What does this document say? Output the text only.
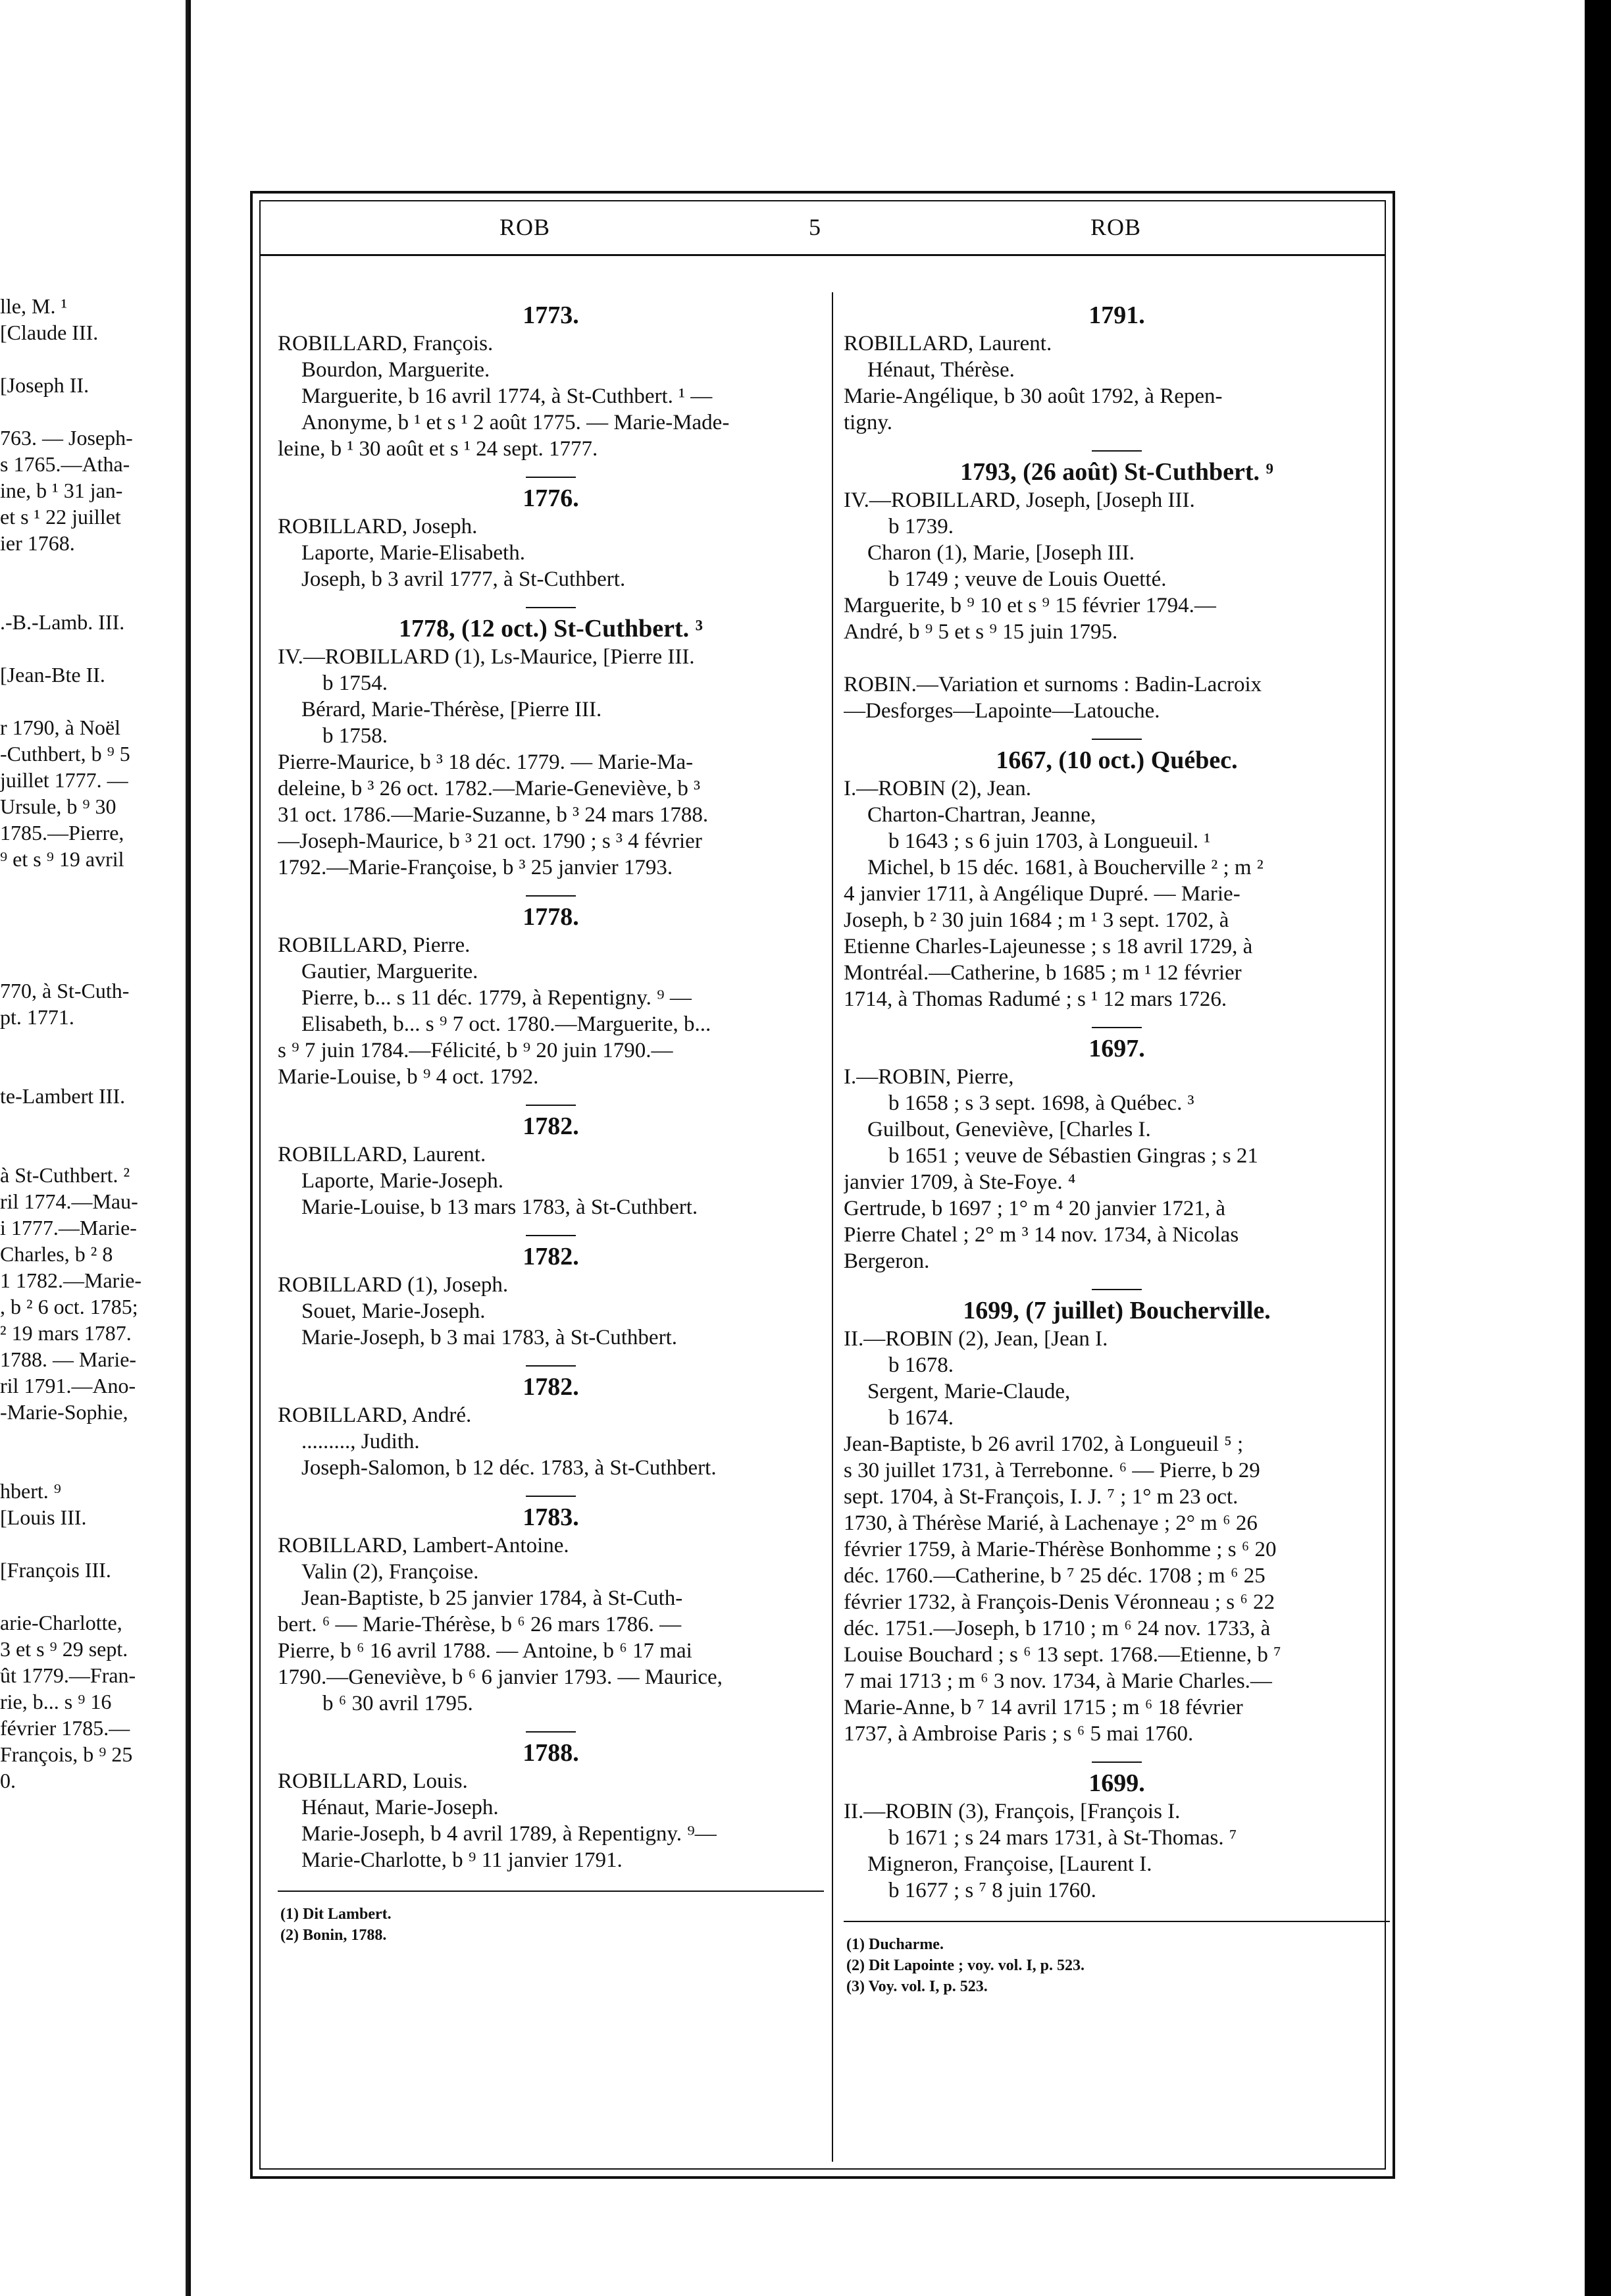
lle, M. ¹
[Claude III.
[Joseph II.
763. — Joseph-
s 1765.—Atha-
ine, b ¹ 31 jan-
et s ¹ 22 juillet
ier 1768.
.-B.-Lamb. III.
[Jean-Bte II.
r 1790, à Noël
-Cuthbert, b ⁹ 5
juillet 1777. —
Ursule, b ⁹ 30
1785.—Pierre,
⁹ et s ⁹ 19 avril
770, à St-Cuth-
pt. 1771.
te-Lambert III.
à St-Cuthbert. ²
ril 1774.—Mau-
i 1777.—Marie-
Charles, b ² 8
1 1782.—Marie-
, b ² 6 oct. 1785;
² 19 mars 1787.
1788. — Marie-
ril 1791.—Ano-
-Marie-Sophie,
hbert. ⁹
[Louis III.
[François III.
arie-Charlotte,
3 et s ⁹ 29 sept.
ût 1779.—Fran-
rie, b... s ⁹ 16
février 1785.—
François, b ⁹ 25
0.
ROB	5	ROB
1773.
ROBILLARD, François.
Bourdon, Marguerite.
Marguerite, b 16 avril 1774, à St-Cuthbert. ¹ —
Anonyme, b ¹ et s ¹ 2 août 1775. — Marie-Made-
leine, b ¹ 30 août et s ¹ 24 sept. 1777.
1776.
ROBILLARD, Joseph.
Laporte, Marie-Elisabeth.
Joseph, b 3 avril 1777, à St-Cuthbert.
1778, (12 oct.) St-Cuthbert. ³
IV.—ROBILLARD (1), Ls-Maurice, [Pierre III.
b 1754.
Bérard, Marie-Thérèse, [Pierre III.
b 1758.
Pierre-Maurice, b ³ 18 déc. 1779. — Marie-Ma-
deleine, b ³ 26 oct. 1782.—Marie-Geneviève, b ³
31 oct. 1786.—Marie-Suzanne, b ³ 24 mars 1788.
—Joseph-Maurice, b ³ 21 oct. 1790 ; s ³ 4 février
1792.—Marie-Françoise, b ³ 25 janvier 1793.
1778.
ROBILLARD, Pierre.
Gautier, Marguerite.
Pierre, b... s 11 déc. 1779, à Repentigny. ⁹ —
Elisabeth, b... s ⁹ 7 oct. 1780.—Marguerite, b...
s ⁹ 7 juin 1784.—Félicité, b ⁹ 20 juin 1790.—
Marie-Louise, b ⁹ 4 oct. 1792.
1782.
ROBILLARD, Laurent.
Laporte, Marie-Joseph.
Marie-Louise, b 13 mars 1783, à St-Cuthbert.
1782.
ROBILLARD (1), Joseph.
Souet, Marie-Joseph.
Marie-Joseph, b 3 mai 1783, à St-Cuthbert.
1782.
ROBILLARD, André.
........., Judith.
Joseph-Salomon, b 12 déc. 1783, à St-Cuthbert.
1783.
ROBILLARD, Lambert-Antoine.
Valin (2), Françoise.
Jean-Baptiste, b 25 janvier 1784, à St-Cuth-
bert. ⁶ — Marie-Thérèse, b ⁶ 26 mars 1786. —
Pierre, b ⁶ 16 avril 1788. — Antoine, b ⁶ 17 mai
1790.—Geneviève, b ⁶ 6 janvier 1793. — Maurice,
b ⁶ 30 avril 1795.
1788.
ROBILLARD, Louis.
Hénaut, Marie-Joseph.
Marie-Joseph, b 4 avril 1789, à Repentigny. ⁹—
Marie-Charlotte, b ⁹ 11 janvier 1791.
(1) Dit Lambert.
(2) Bonin, 1788.
1791.
ROBILLARD, Laurent.
Hénaut, Thérèse.
Marie-Angélique, b 30 août 1792, à Repen-
tigny.
1793, (26 août) St-Cuthbert. ⁹
IV.—ROBILLARD, Joseph, [Joseph III.
b 1739.
Charon (1), Marie, [Joseph III.
b 1749 ; veuve de Louis Ouetté.
Marguerite, b ⁹ 10 et s ⁹ 15 février 1794.—
André, b ⁹ 5 et s ⁹ 15 juin 1795.
ROBIN.—Variation et surnoms : Badin-Lacroix
—Desforges—Lapointe—Latouche.
1667, (10 oct.) Québec.
I.—ROBIN (2), Jean.
Charton-Chartran, Jeanne,
b 1643 ; s 6 juin 1703, à Longueuil. ¹
Michel, b 15 déc. 1681, à Boucherville ² ; m ²
4 janvier 1711, à Angélique Dupré. — Marie-
Joseph, b ² 30 juin 1684 ; m ¹ 3 sept. 1702, à
Etienne Charles-Lajeunesse ; s 18 avril 1729, à
Montréal.—Catherine, b 1685 ; m ¹ 12 février
1714, à Thomas Radumé ; s ¹ 12 mars 1726.
1697.
I.—ROBIN, Pierre,
b 1658 ; s 3 sept. 1698, à Québec. ³
Guilbout, Geneviève, [Charles I.
b 1651 ; veuve de Sébastien Gingras ; s 21
janvier 1709, à Ste-Foye. ⁴
Gertrude, b 1697 ; 1° m ⁴ 20 janvier 1721, à
Pierre Chatel ; 2° m ³ 14 nov. 1734, à Nicolas
Bergeron.
1699, (7 juillet) Boucherville.
II.—ROBIN (2), Jean, [Jean I.
b 1678.
Sergent, Marie-Claude,
b 1674.
Jean-Baptiste, b 26 avril 1702, à Longueuil ⁵ ;
s 30 juillet 1731, à Terrebonne. ⁶ — Pierre, b 29
sept. 1704, à St-François, I. J. ⁷ ; 1° m 23 oct.
1730, à Thérèse Marié, à Lachenaye ; 2° m ⁶ 26
février 1759, à Marie-Thérèse Bonhomme ; s ⁶ 20
déc. 1760.—Catherine, b ⁷ 25 déc. 1708 ; m ⁶ 25
février 1732, à François-Denis Véronneau ; s ⁶ 22
déc. 1751.—Joseph, b 1710 ; m ⁶ 24 nov. 1733, à
Louise Bouchard ; s ⁶ 13 sept. 1768.—Etienne, b ⁷
7 mai 1713 ; m ⁶ 3 nov. 1734, à Marie Charles.—
Marie-Anne, b ⁷ 14 avril 1715 ; m ⁶ 18 février
1737, à Ambroise Paris ; s ⁶ 5 mai 1760.
1699.
II.—ROBIN (3), François, [François I.
b 1671 ; s 24 mars 1731, à St-Thomas. ⁷
Migneron, Françoise, [Laurent I.
b 1677 ; s ⁷ 8 juin 1760.
(1) Ducharme.
(2) Dit Lapointe ; voy. vol. I, p. 523.
(3) Voy. vol. I, p. 523.
